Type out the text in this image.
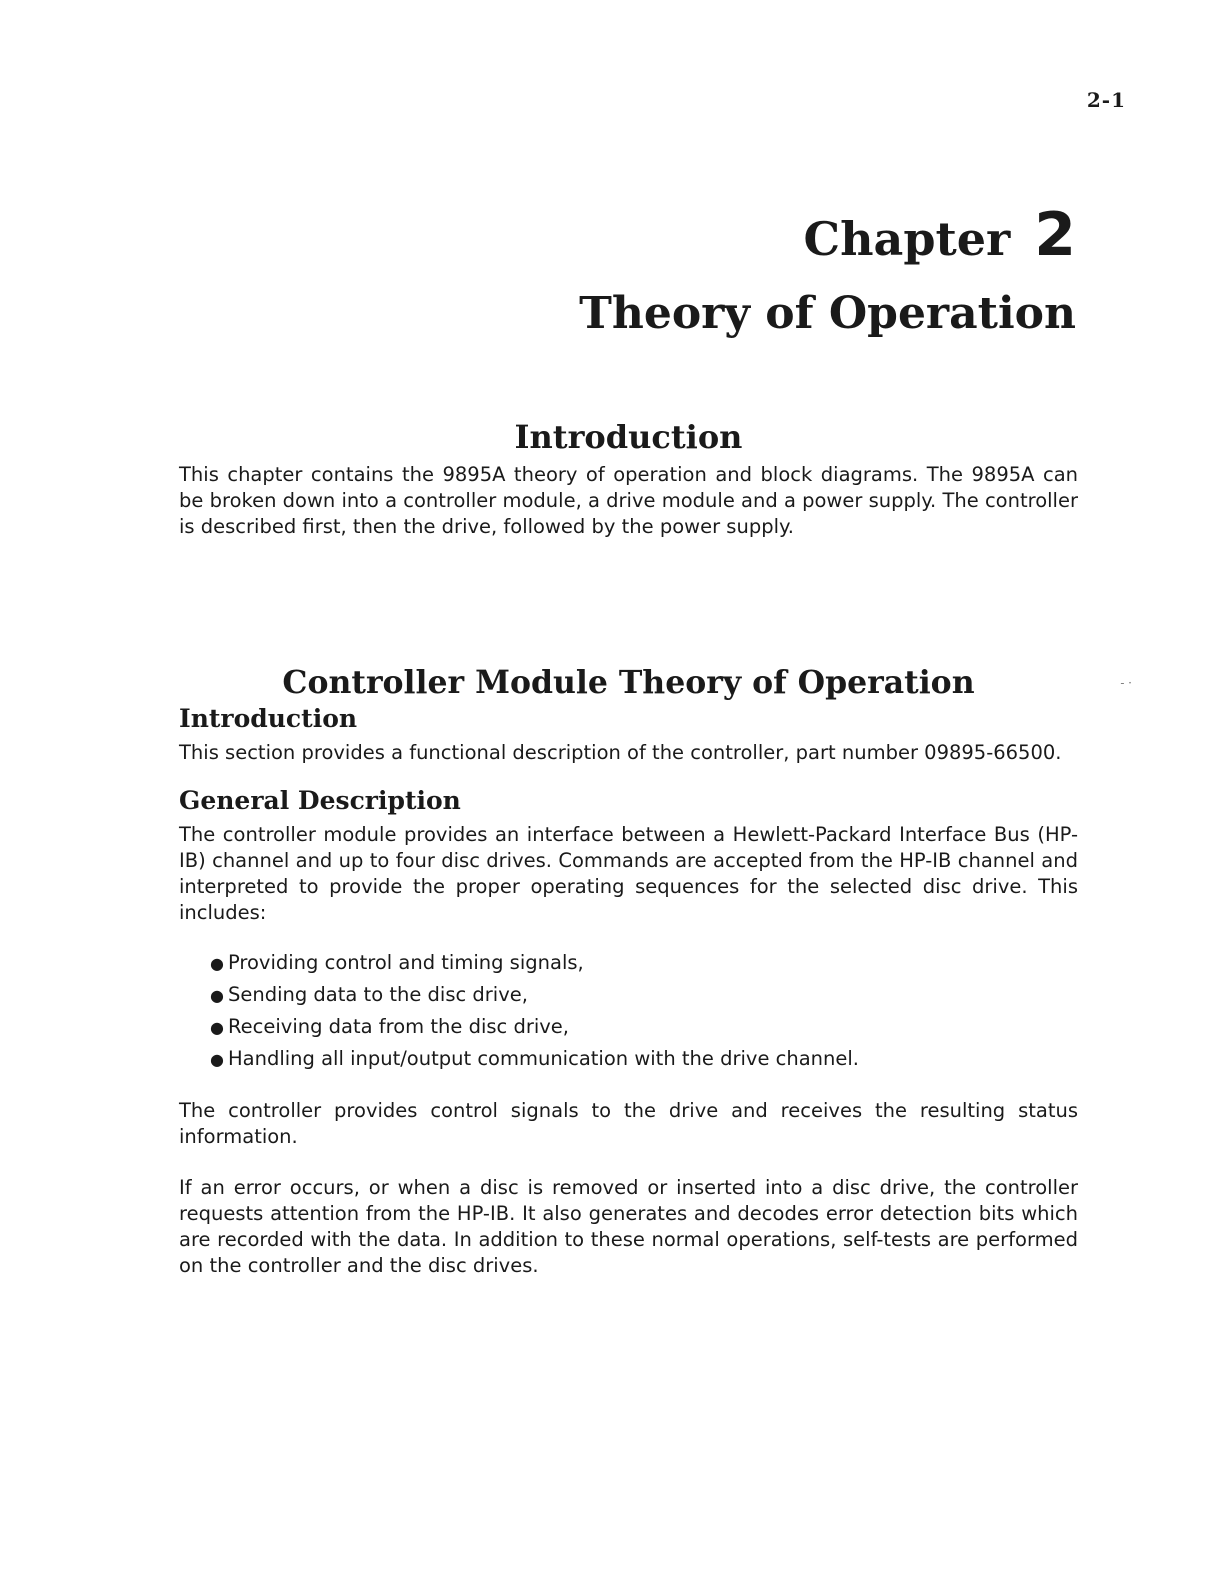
2-1
Chapter 2
Theory of Operation
Introduction

This chapter contains the 9895A theory of operation and block diagrams. The 9895A can be broken down into a controller module, a drive module and a power supply. The controller is described first, then the drive, followed by the power supply.

Controller Module Theory of Operation	- ·
Introduction

This section provides a functional description of the controller, part number 09895-66500.

General Description

The controller module provides an interface between a Hewlett-Packard Interface Bus (HP-IB) channel and up to four disc drives. Commands are accepted from the HP-IB channel and interpreted to provide the proper operating sequences for the selected disc drive. This includes:

● Providing control and timing signals,
● Sending data to the disc drive,
● Receiving data from the disc drive,
● Handling all input/output communication with the drive channel.

The controller provides control signals to the drive and receives the resulting status information.

If an error occurs, or when a disc is removed or inserted into a disc drive, the controller requests attention from the HP-IB. It also generates and decodes error detection bits which are recorded with the data. In addition to these normal operations, self-tests are performed on the controller and the disc drives.
